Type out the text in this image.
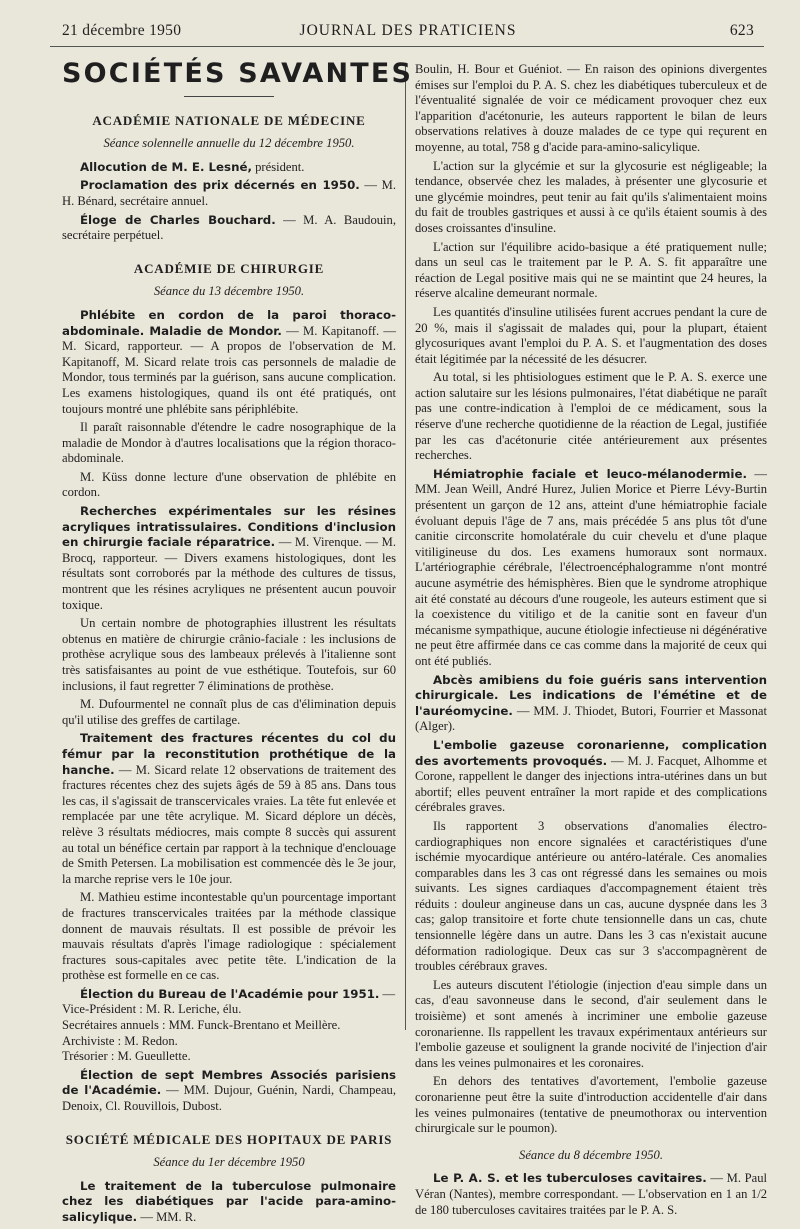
21 décembre 1950	JOURNAL DES PRATICIENS	623
SOCIÉTÉS SAVANTES
ACADÉMIE NATIONALE DE MÉDECINE
Séance solennelle annuelle du 12 décembre 1950.

Allocution de M. E. Lesné, président.

Proclamation des prix décernés en 1950. — M. H. Bénard, secrétaire annuel.

Éloge de Charles Bouchard. — M. A. Baudouin, secrétaire perpétuel.

ACADÉMIE DE CHIRURGIE
Séance du 13 décembre 1950.

Phlébite en cordon de la paroi thoraco-abdominale. Maladie de Mondor. — M. Kapitanoff. — M. Sicard, rapporteur. — A propos de l'observation de M. Kapitanoff, M. Sicard relate trois cas personnels de maladie de Mondor, tous terminés par la guérison, sans aucune complication. Les examens histologiques, quand ils ont été pratiqués, ont toujours montré une phlébite sans périphlébite.

Il paraît raisonnable d'étendre le cadre nosographique de la maladie de Mondor à d'autres localisations que la région thoraco-abdominale.

M. Küss donne lecture d'une observation de phlébite en cordon.

Recherches expérimentales sur les résines acryliques intratissulaires. Conditions d'inclusion en chirurgie faciale réparatrice. — M. Virenque. — M. Brocq, rapporteur. — Divers examens histologiques, dont les résultats sont corroborés par la méthode des cultures de tissus, montrent que les résines acryliques ne présentent aucun pouvoir toxique.

Un certain nombre de photographies illustrent les résultats obtenus en matière de chirurgie crânio-faciale : les inclusions de prothèse acrylique sous des lambeaux prélevés à l'italienne sont très satisfaisantes au point de vue esthétique. Toutefois, sur 60 inclusions, il faut regretter 7 éliminations de prothèse.

M. Dufourmentel ne connaît plus de cas d'élimination depuis qu'il utilise des greffes de cartilage.

Traitement des fractures récentes du col du fémur par la reconstitution prothétique de la hanche. — M. Sicard relate 12 observations de traitement des fractures récentes chez des sujets âgés de 59 à 85 ans. Dans tous les cas, il s'agissait de transcervicales vraies. La tête fut enlevée et remplacée par une tête acrylique. M. Sicard déplore un décès, relève 3 résultats médiocres, mais compte 8 succès qui assurent au total un bénéfice certain par rapport à la technique d'enclouage de Smith Petersen. La mobilisation est commencée dès le 3e jour, la marche reprise vers le 10e jour.

M. Mathieu estime incontestable qu'un pourcentage important de fractures transcervicales traitées par la méthode classique donnent de mauvais résultats. Il est possible de prévoir les mauvais résultats d'après l'image radiologique : spécialement fractures sous-capitales avec petite tête. L'indication de la prothèse est formelle en ce cas.

Élection du Bureau de l'Académie pour 1951. —
Vice-Président : M. R. Leriche, élu.
Secrétaires annuels : MM. Funck-Brentano et Meillère.
Archiviste : M. Redon.
Trésorier : M. Gueullette.

Élection de sept Membres Associés parisiens de l'Académie. — MM. Dujour, Guénin, Nardi, Champeau, Denoix, Cl. Rouvillois, Dubost.

SOCIÉTÉ MÉDICALE DES HOPITAUX DE PARIS
Séance du 1er décembre 1950

Le traitement de la tuberculose pulmonaire chez les diabétiques par l'acide para-amino-salicylique. — MM. R.

Boulin, H. Bour et Guéniot. — En raison des opinions divergentes émises sur l'emploi du P. A. S. chez les diabétiques tuberculeux et de l'éventualité signalée de voir ce médicament provoquer chez eux l'apparition d'acétonurie, les auteurs rapportent le bilan de leurs observations relatives à douze malades de ce type qui reçurent en moyenne, au total, 758 g d'acide para-amino-salicylique.

L'action sur la glycémie et sur la glycosurie est négligeable; la tendance, observée chez les malades, à présenter une glycosurie et une glycémie moindres, peut tenir au fait qu'ils s'alimentaient moins du fait de troubles gastriques et aussi à ce qu'ils étaient soumis à des doses croissantes d'insuline.

L'action sur l'équilibre acido-basique a été pratiquement nulle; dans un seul cas le traitement par le P. A. S. fit apparaître une réaction de Legal positive mais qui ne se maintint que 24 heures, la réserve alcaline demeurant normale.

Les quantités d'insuline utilisées furent accrues pendant la cure de 20 %, mais il s'agissait de malades qui, pour la plupart, étaient glycosuriques avant l'emploi du P. A. S. et l'augmentation des doses était légitimée par la nécessité de les désucrer.

Au total, si les phtisiologues estiment que le P. A. S. exerce une action salutaire sur les lésions pulmonaires, l'état diabétique ne paraît pas une contre-indication à l'emploi de ce médicament, sous la réserve d'une recherche quotidienne de la réaction de Legal, justifiée par les cas d'acétonurie citée antérieurement aux présentes recherches.

Hémiatrophie faciale et leuco-mélanodermie. — MM. Jean Weill, André Hurez, Julien Morice et Pierre Lévy-Burtin présentent un garçon de 12 ans, atteint d'une hémiatrophie faciale évoluant depuis l'âge de 7 ans, mais précédée 5 ans plus tôt d'une canitie circonscrite homolatérale du cuir chevelu et d'une plaque vitiligineuse du dos. Les examens humoraux sont normaux. L'artériographie cérébrale, l'électroencéphalogramme n'ont montré aucune asymétrie des hémisphères. Bien que le syndrome atrophique ait été constaté au décours d'une rougeole, les auteurs estiment que si la coexistence du vitiligo et de la canitie sont en faveur d'un mécanisme sympathique, aucune étiologie infectieuse ni dégénérative ne peut être affirmée dans ce cas comme dans la majorité de ceux qui ont été publiés.

Abcès amibiens du foie guéris sans intervention chirurgicale. Les indications de l'émétine et de l'auréomycine. — MM. J. Thiodet, Butori, Fourrier et Massonat (Alger).

L'embolie gazeuse coronarienne, complication des avortements provoqués. — M. J. Facquet, Alhomme et Corone, rappellent le danger des injections intra-utérines dans un but abortif; elles peuvent entraîner la mort rapide et des complications cérébrales graves.

Ils rapportent 3 observations d'anomalies électro-cardiographiques non encore signalées et caractéristiques d'une ischémie myocardique antérieure ou antéro-latérale. Ces anomalies comparables dans les 3 cas ont régressé dans les semaines ou mois suivants. Les signes cardiaques d'accompagnement étaient très réduits : douleur angineuse dans un cas, aucune dyspnée dans les 3 cas; galop transitoire et forte chute tensionnelle dans un cas, chute tensionnelle légère dans un autre. Dans les 3 cas n'existait aucune déformation radiologique. Deux cas sur 3 s'accompagnèrent de troubles cérébraux graves.

Les auteurs discutent l'étiologie (injection d'eau simple dans un cas, d'eau savonneuse dans le second, d'air seulement dans le troisième) et sont amenés à incriminer une embolie gazeuse coronarienne. Ils rappellent les travaux expérimentaux antérieurs sur l'embolie gazeuse et soulignent la grande nocivité de l'injection d'air dans les veines pulmonaires et les coronaires.

En dehors des tentatives d'avortement, l'embolie gazeuse coronarienne peut être la suite d'introduction accidentelle d'air dans les veines pulmonaires (tentative de pneumothorax ou intervention chirurgicale sur le poumon).

Séance du 8 décembre 1950.

Le P. A. S. et les tuberculoses cavitaires. — M. Paul Véran (Nantes), membre correspondant. — L'observation en 1 an 1/2 de 180 tuberculoses cavitaires traitées par le P. A. S.
